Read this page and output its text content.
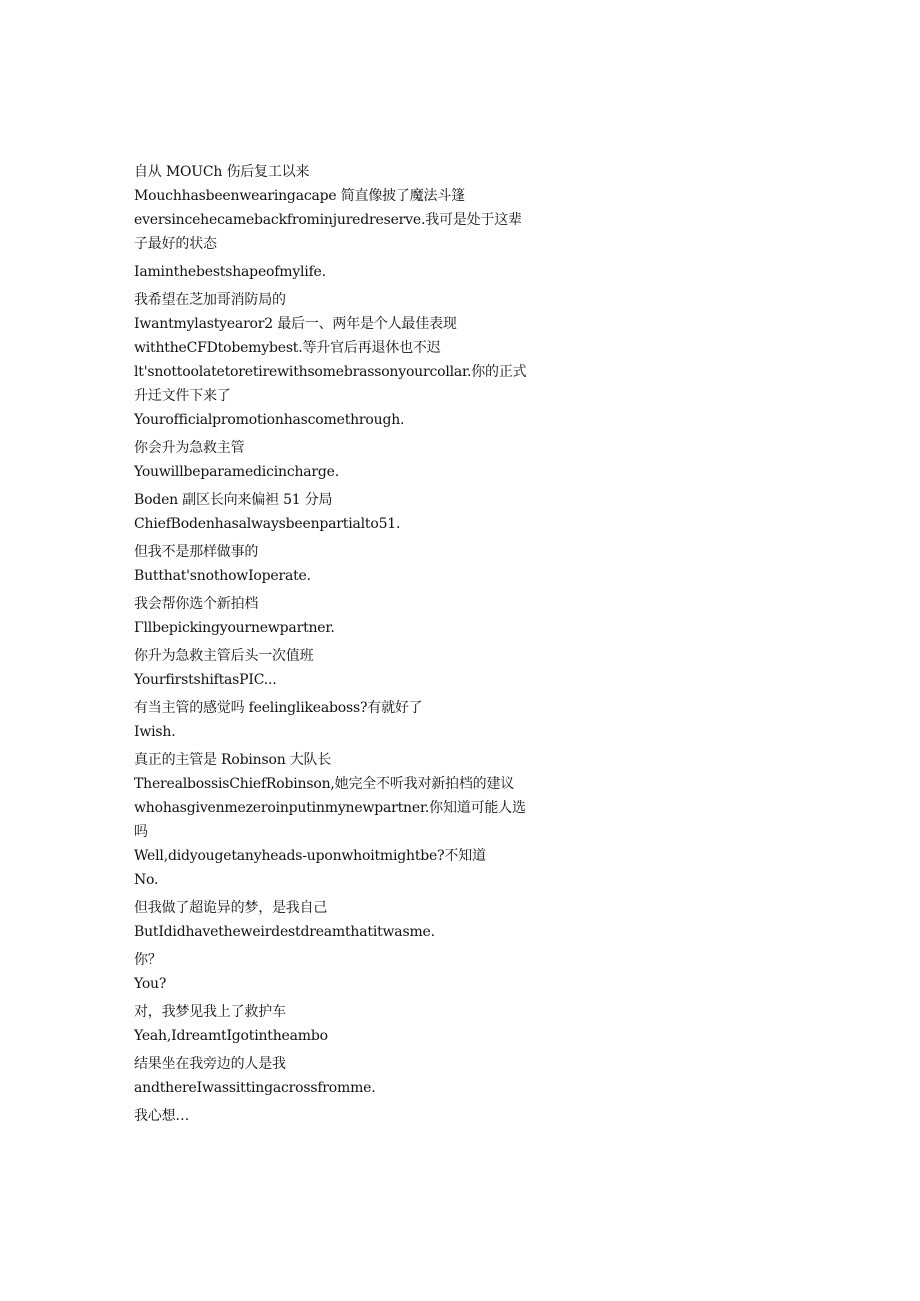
自从 MOUCh 伤后复工以来
Mouchhasbeenwearingacape 简直像披了魔法斗篷
eversincehecamebackfrominjuredreserve.我可是处于这辈子最好的状态
Iaminthebestshapeofmylife.
我希望在芝加哥消防局的
Iwantmylastyearor2 最后一、两年是个人最佳表现
withtheCFDtobemybest.等升官后再退休也不迟
lt'snottoolatetoretirewithsomebrassonyourcollar.你的正式升迁文件下来了
Yourofficialpromotionhascomethrough.
你会升为急救主管
Youwillbeparamedicincharge.
Boden 副区长向来偏袒 51 分局
ChiefBodenhasalwaysbeenpartialto51.
但我不是那样做事的
Butthat'snothowIoperate.
我会帮你选个新拍档
Γllbepickingyournewpartner.
你升为急救主管后头一次值班
YourfirstshiftasPIC...
有当主管的感觉吗 feelinglikeaboss?有就好了
Iwish.
真正的主管是 Robinson 大队长
TherealbossisChiefRobinson,她完全不听我对新拍档的建议
whohasgivenmezeroinputinmynewpartner.你知道可能人选吗
Well,didyougetanyheads-uponwhoitmightbe?不知道
No.
但我做了超诡异的梦，是我自己
ButIdidhavetheweirdestdreamthatitwasme.
你？
You?
对，我梦见我上了救护车
Yeah,IdreamtIgotintheambo
结果坐在我旁边的人是我
andthereIwassittingacrossfromme.
我心想…
